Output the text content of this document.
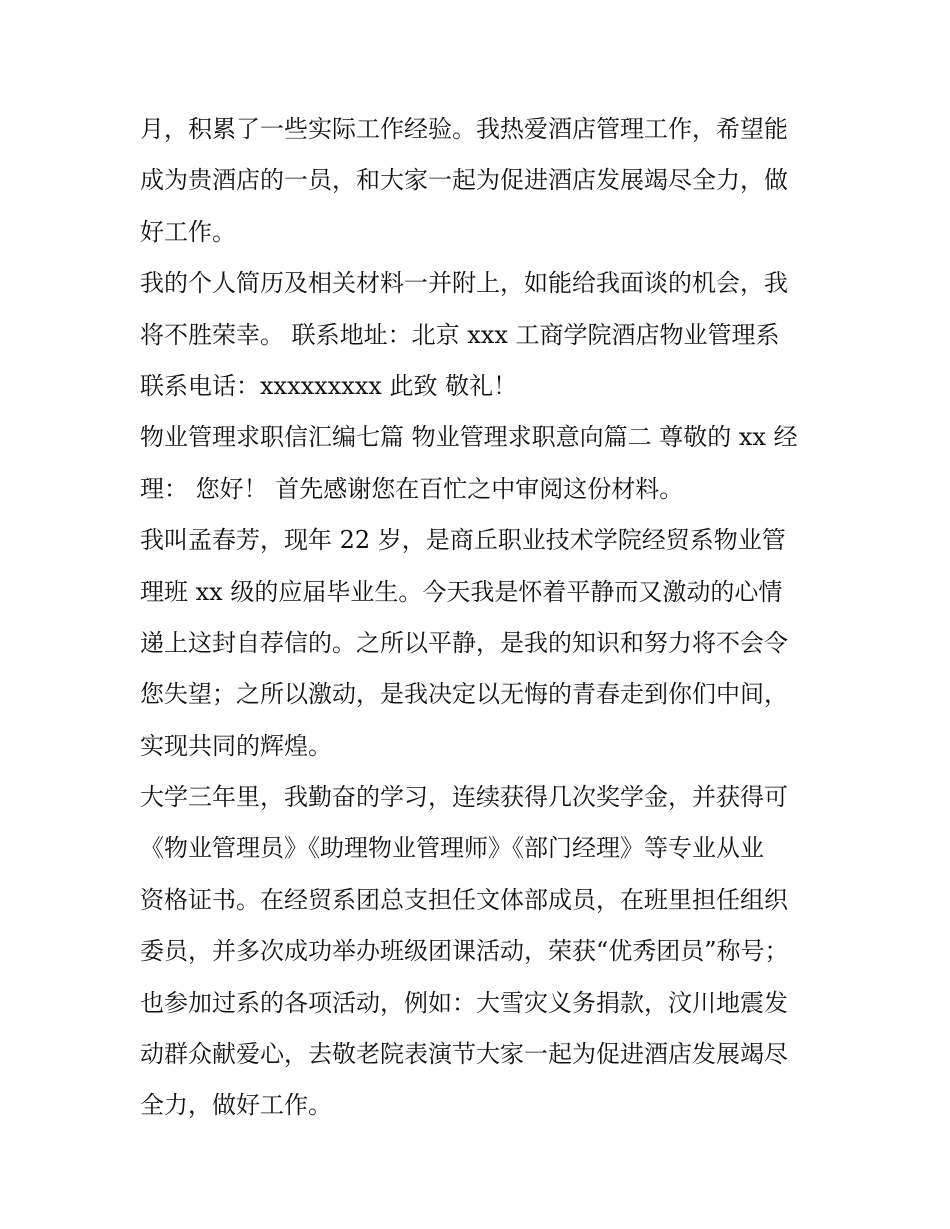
月，积累了一些实际工作经验。我热爱酒店管理工作，希望能
成为贵酒店的一员，和大家一起为促进酒店发展竭尽全力，做
好工作。
我的个人简历及相关材料一并附上，如能给我面谈的机会，我
将不胜荣幸。 联系地址：北京 xxx 工商学院酒店物业管理系
联系电话：xxxxxxxxx 此致 敬礼！
物业管理求职信汇编七篇 物业管理求职意向篇二 尊敬的 xx 经
理： 您好！ 首先感谢您在百忙之中审阅这份材料。
我叫孟春芳，现年 22 岁，是商丘职业技术学院经贸系物业管
理班 xx 级的应届毕业生。今天我是怀着平静而又激动的心情
递上这封自荐信的。之所以平静，是我的知识和努力将不会令
您失望；之所以激动，是我决定以无悔的青春走到你们中间，
实现共同的辉煌。
大学三年里，我勤奋的学习，连续获得几次奖学金，并获得可
《物业管理员》《助理物业管理师》《部门经理》等专业从业
资格证书。在经贸系团总支担任文体部成员，在班里担任组织
委员，并多次成功举办班级团课活动，荣获“优秀团员”称号；
也参加过系的各项活动，例如：大雪灾义务捐款，汶川地震发
动群众献爱心，去敬老院表演节大家一起为促进酒店发展竭尽
全力，做好工作。
